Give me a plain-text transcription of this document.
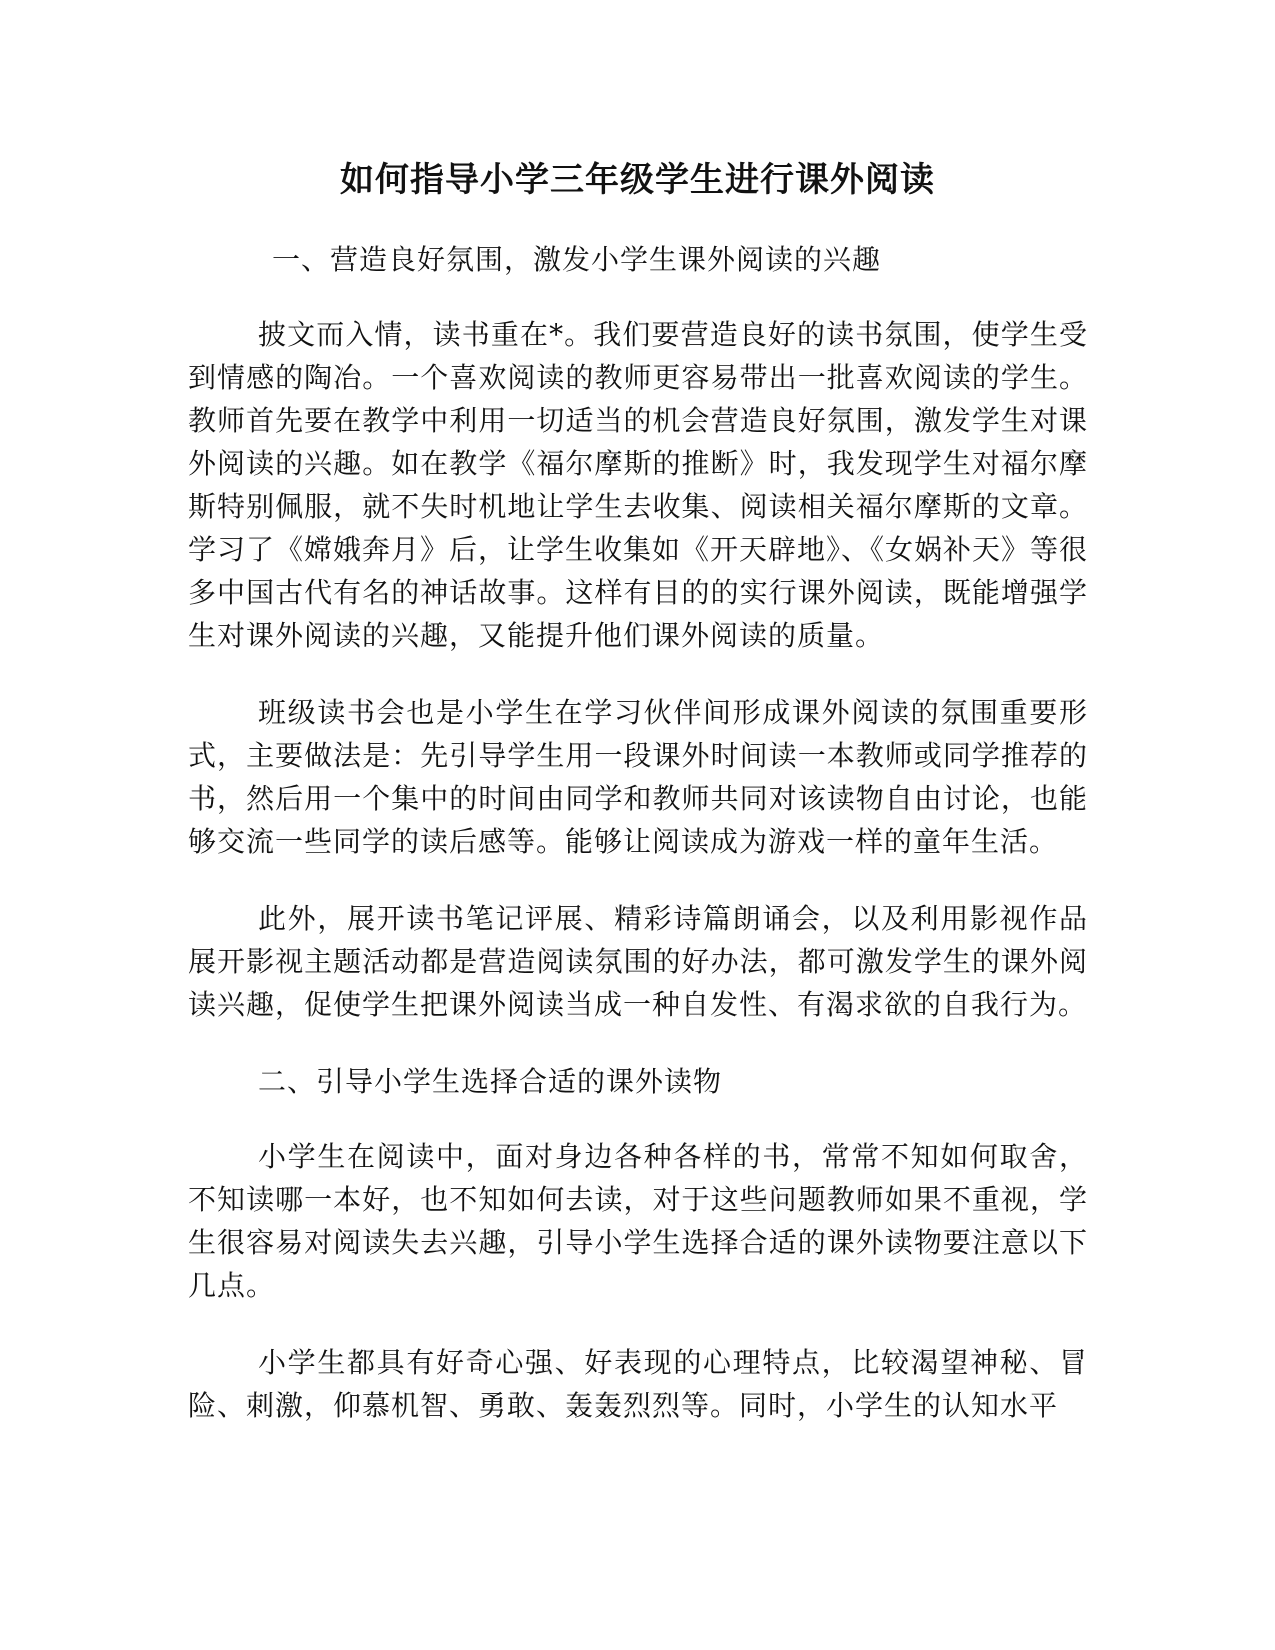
如何指导小学三年级学生进行课外阅读

一、营造良好氛围，激发小学生课外阅读的兴趣

披文而入情，读书重在*。我们要营造良好的读书氛围，使学生受到情感的陶冶。一个喜欢阅读的教师更容易带出一批喜欢阅读的学生。教师首先要在教学中利用一切适当的机会营造良好氛围，激发学生对课外阅读的兴趣。如在教学《福尔摩斯的推断》时，我发现学生对福尔摩斯特别佩服，就不失时机地让学生去收集、阅读相关福尔摩斯的文章。学习了《嫦娥奔月》后，让学生收集如《开天辟地》、《女娲补天》等很多中国古代有名的神话故事。这样有目的的实行课外阅读，既能增强学生对课外阅读的兴趣，又能提升他们课外阅读的质量。

班级读书会也是小学生在学习伙伴间形成课外阅读的氛围重要形式，主要做法是：先引导学生用一段课外时间读一本教师或同学推荐的书，然后用一个集中的时间由同学和教师共同对该读物自由讨论，也能够交流一些同学的读后感等。能够让阅读成为游戏一样的童年生活。

此外，展开读书笔记评展、精彩诗篇朗诵会，以及利用影视作品展开影视主题活动都是营造阅读氛围的好办法，都可激发学生的课外阅读兴趣，促使学生把课外阅读当成一种自发性、有渴求欲的自我行为。

二、引导小学生选择合适的课外读物

小学生在阅读中，面对身边各种各样的书，常常不知如何取舍，不知读哪一本好，也不知如何去读，对于这些问题教师如果不重视，学生很容易对阅读失去兴趣，引导小学生选择合适的课外读物要注意以下几点。

小学生都具有好奇心强、好表现的心理特点，比较渴望神秘、冒险、刺激，仰慕机智、勇敢、轰轰烈烈等。同时，小学生的认知水平
